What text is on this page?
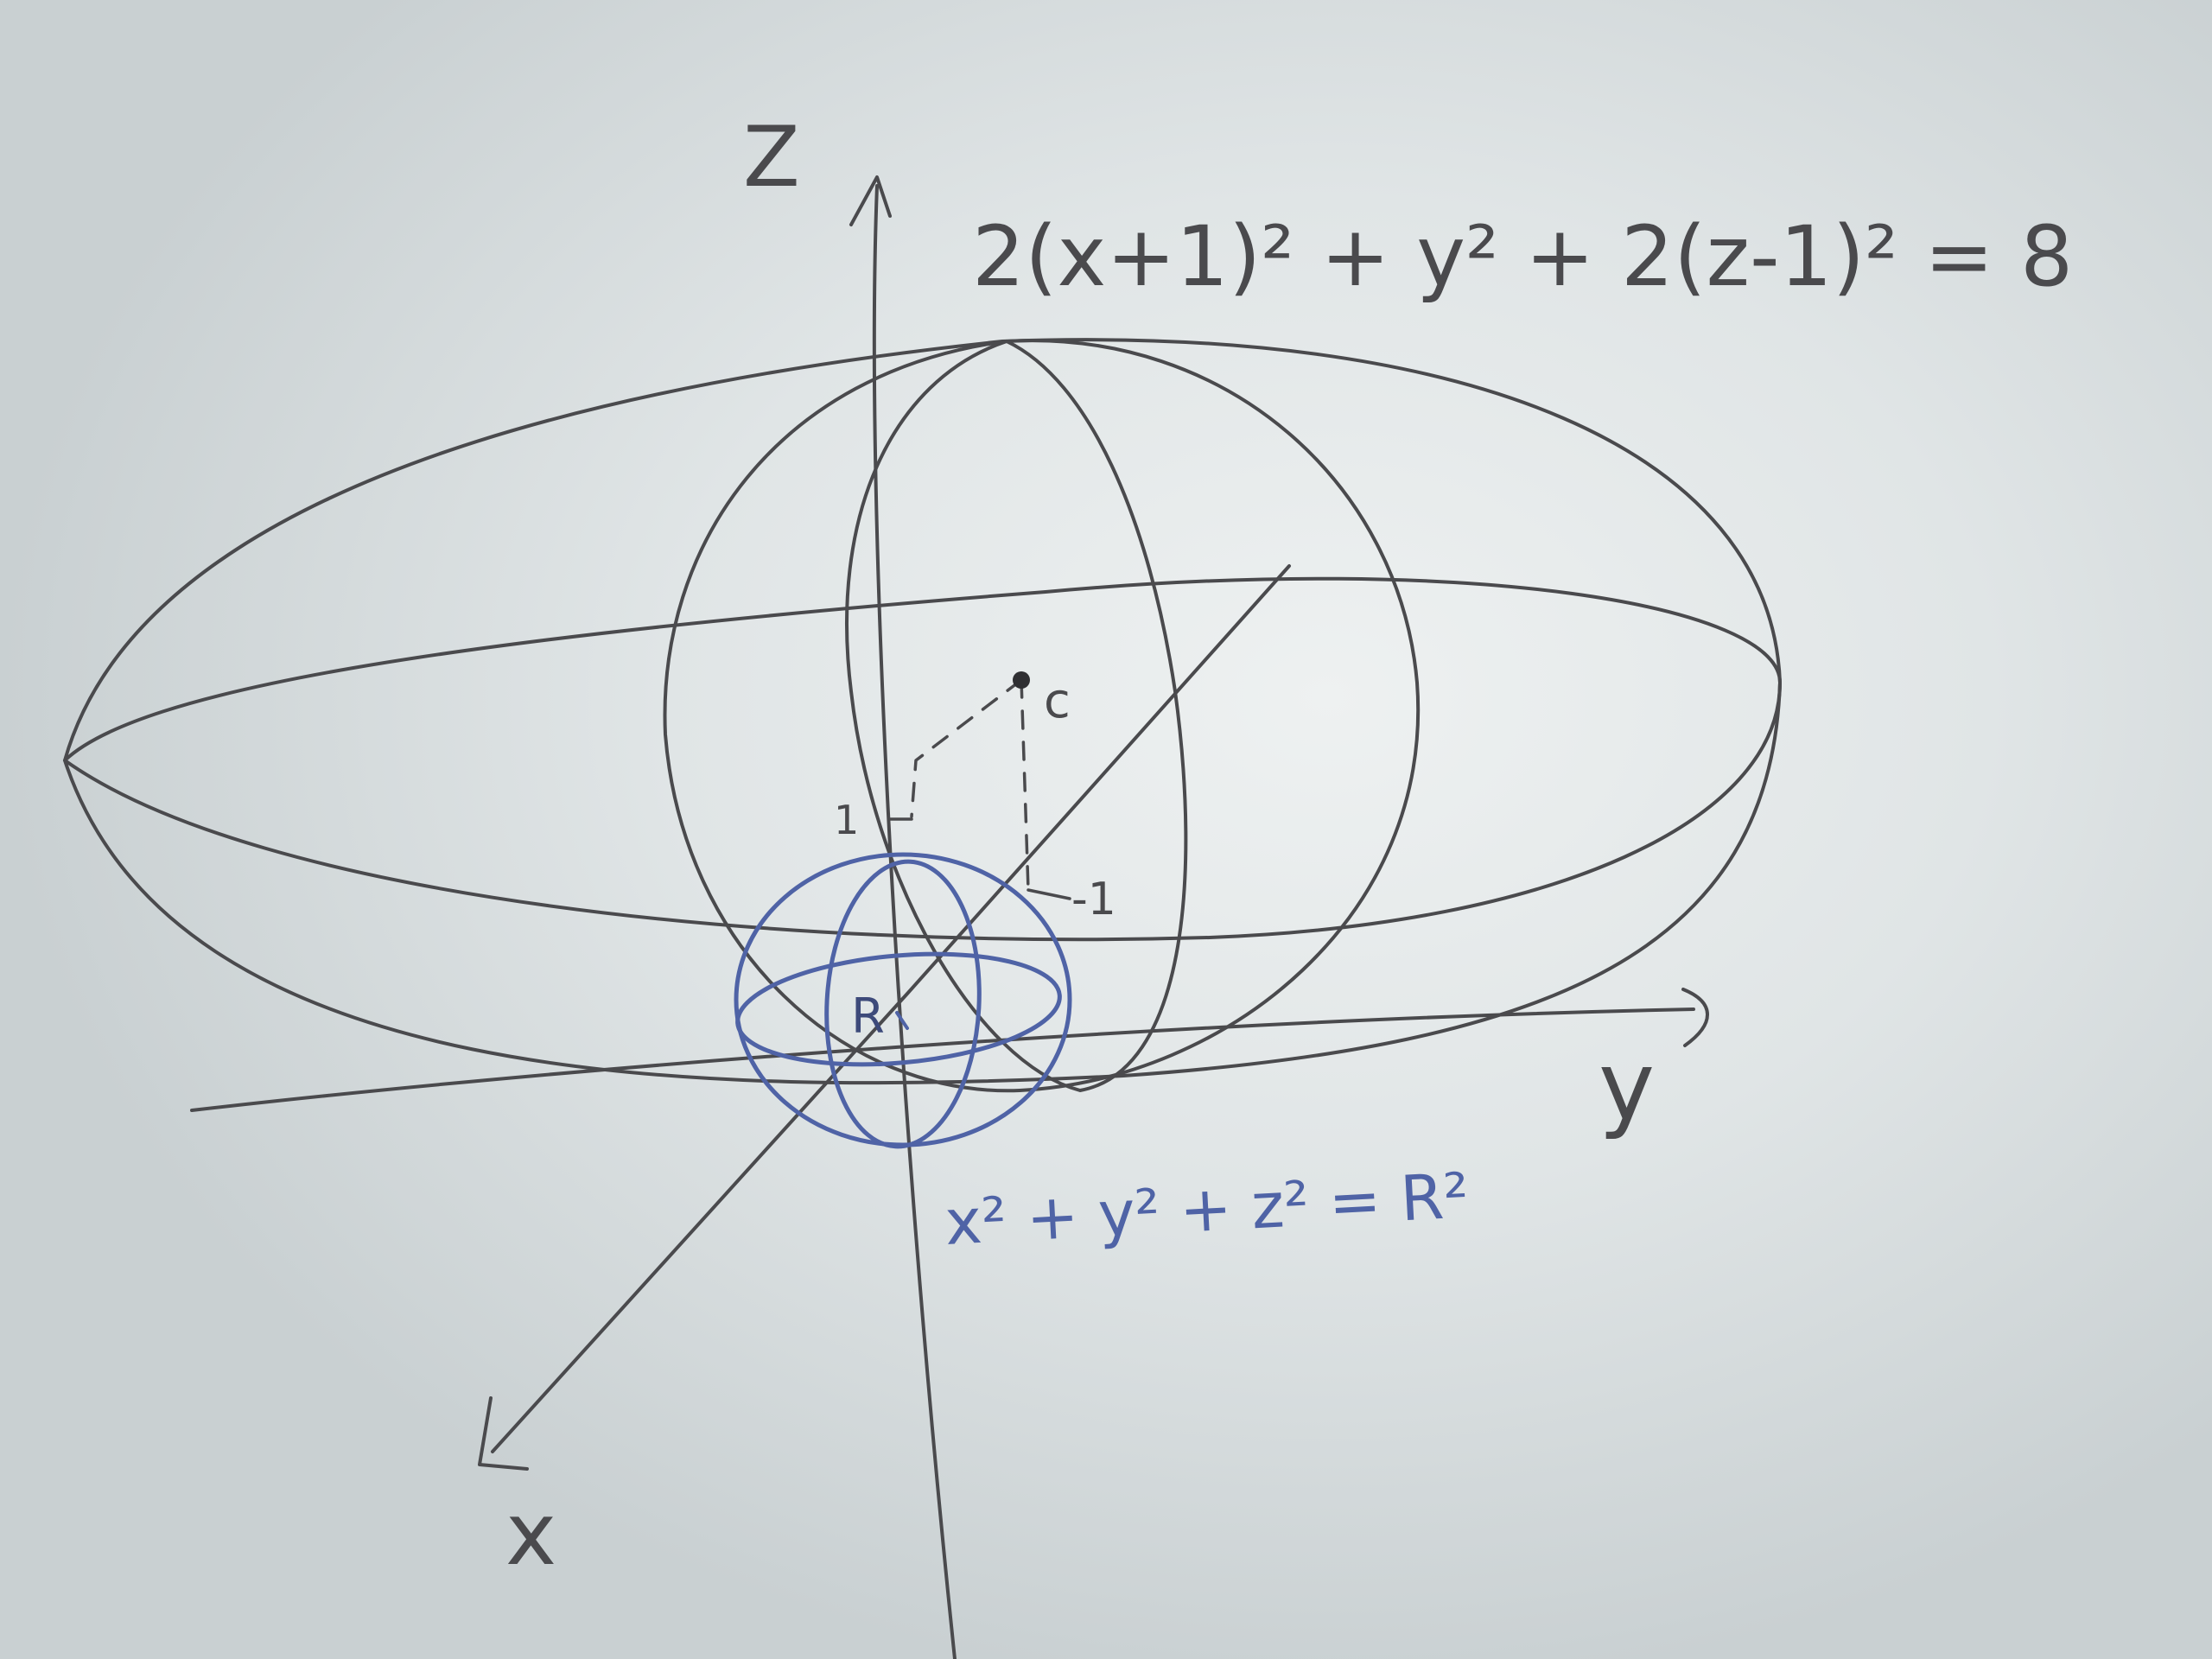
2(x+1)² + y² + 2(z-1)² = 8
x² + y² + z² = R²
Z
y
x
c
R
1
-1
